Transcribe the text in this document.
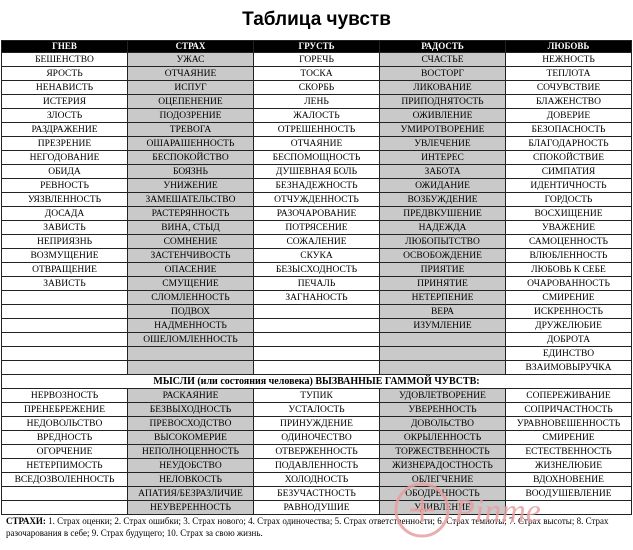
Таблица чувств
ГНЕВ	СТРАХ	ГРУСТЬ	РАДОСТЬ	ЛЮБОВЬ
БЕШЕНСТВО	УЖАС	ГОРЕЧЬ	СЧАСТЬЕ	НЕЖНОСТЬ
ЯРОСТЬ	ОТЧАЯНИЕ	ТОСКА	ВОСТОРГ	ТЕПЛОТА
НЕНАВИСТЬ	ИСПУГ	СКОРБЬ	ЛИКОВАНИЕ	СОЧУВСТВИЕ
ИСТЕРИЯ	ОЦЕПЕНЕНИЕ	ЛЕНЬ	ПРИПОДНЯТОСТЬ	БЛАЖЕНСТВО
ЗЛОСТЬ	ПОДОЗРЕНИЕ	ЖАЛОСТЬ	ОЖИВЛЕНИЕ	ДОВЕРИЕ
РАЗДРАЖЕНИЕ	ТРЕВОГА	ОТРЕШЕННОСТЬ	УМИРОТВОРЕНИЕ	БЕЗОПАСНОСТЬ
ПРЕЗРЕНИЕ	ОШАРАШЕННОСТЬ	ОТЧАЯНИЕ	УВЛЕЧЕНИЕ	БЛАГОДАРНОСТЬ
НЕГОДОВАНИЕ	БЕСПОКОЙСТВО	БЕСПОМОЩНОСТЬ	ИНТЕРЕС	СПОКОЙСТВИЕ
ОБИДА	БОЯЗНЬ	ДУШЕВНАЯ БОЛЬ	ЗАБОТА	СИМПАТИЯ
РЕВНОСТЬ	УНИЖЕНИЕ	БЕЗНАДЕЖНОСТЬ	ОЖИДАНИЕ	ИДЕНТИЧНОСТЬ
УЯЗВЛЕННОСТЬ	ЗАМЕШАТЕЛЬСТВО	ОТЧУЖДЕННОСТЬ	ВОЗБУЖДЕНИЕ	ГОРДОСТЬ
ДОСАДА	РАСТЕРЯННОСТЬ	РАЗОЧАРОВАНИЕ	ПРЕДВКУШЕНИЕ	ВОСХИЩЕНИЕ
ЗАВИСТЬ	ВИНА, СТЫД	ПОТРЯСЕНИЕ	НАДЕЖДА	УВАЖЕНИЕ
НЕПРИЯЗНЬ	СОМНЕНИЕ	СОЖАЛЕНИЕ	ЛЮБОПЫТСТВО	САМОЦЕННОСТЬ
ВОЗМУЩЕНИЕ	ЗАСТЕНЧИВОСТЬ	СКУКА	ОСВОБОЖДЕНИЕ	ВЛЮБЛЕННОСТЬ
ОТВРАЩЕНИЕ	ОПАСЕНИЕ	БЕЗЫСХОДНОСТЬ	ПРИЯТИЕ	ЛЮБОВЬ К СЕБЕ
ЗАВИСТЬ	СМУЩЕНИЕ	ПЕЧАЛЬ	ПРИНЯТИЕ	ОЧАРОВАННОСТЬ
	СЛОМЛЕННОСТЬ	ЗАГНАНОСТЬ	НЕТЕРПЕНИЕ	СМИРЕНИЕ
	ПОДВОХ		ВЕРА	ИСКРЕННОСТЬ
	НАДМЕННОСТЬ		ИЗУМЛЕНИЕ	ДРУЖЕЛЮБИЕ
	ОШЕЛОМЛЕННОСТЬ			ДОБРОТА
				ЕДИНСТВО
				ВЗАИМОВЫРУЧКА
МЫСЛИ (или состояния человека) ВЫЗВАННЫЕ ГАММОЙ ЧУВСТВ:				
НЕРВОЗНОСТЬ	РАСКАЯНИЕ	ТУПИК	УДОВЛЕТВОРЕНИЕ	СОПЕРЕЖИВАНИЕ
ПРЕНЕБРЕЖЕНИЕ	БЕЗВЫХОДНОСТЬ	УСТАЛОСТЬ	УВЕРЕННОСТЬ	СОПРИЧАСТНОСТЬ
НЕДОВОЛЬСТВО	ПРЕВОСХОДСТВО	ПРИНУЖДЕНИЕ	ДОВОЛЬСТВО	УРАВНОВЕШЕННОСТЬ
ВРЕДНОСТЬ	ВЫСОКОМЕРИЕ	ОДИНОЧЕСТВО	ОКРЫЛЕННОСТЬ	СМИРЕНИЕ
ОГОРЧЕНИЕ	НЕПОЛНОЦЕННОСТЬ	ОТВЕРЖЕННОСТЬ	ТОРЖЕСТВЕННОСТЬ	ЕСТЕСТВЕННОСТЬ
НЕТЕРПИМОСТЬ	НЕУДОБСТВО	ПОДАВЛЕННОСТЬ	ЖИЗНЕРАДОСТНОСТЬ	ЖИЗНЕЛЮБИЕ
ВСЕДОЗВОЛЕННОСТЬ	НЕЛОВКОСТЬ	ХОЛОДНОСТЬ	ОБЛЕГЧЕНИЕ	ВДОХНОВЕНИЕ
	АПАТИЯ/БЕЗРАЗЛИЧИЕ	БЕЗУЧАСТНОСТЬ	ОБОДРЕННОСТЬ	ВООДУШЕВЛЕНИЕ
	НЕУВЕРЕННОСТЬ	РАВНОДУШИЕ	УДИВЛЕНИЕ	
СТРАХИ: 1. Страх оценки; 2. Страх ошибки; 3. Страх нового; 4. Страх одиночества; 5. Страх ответственности; 6. Страх темноты; 7. Страх высоты; 8. Страх разочарования в себе; 9. Страх будущего; 10. Страх за свою жизнь.
Pinme
